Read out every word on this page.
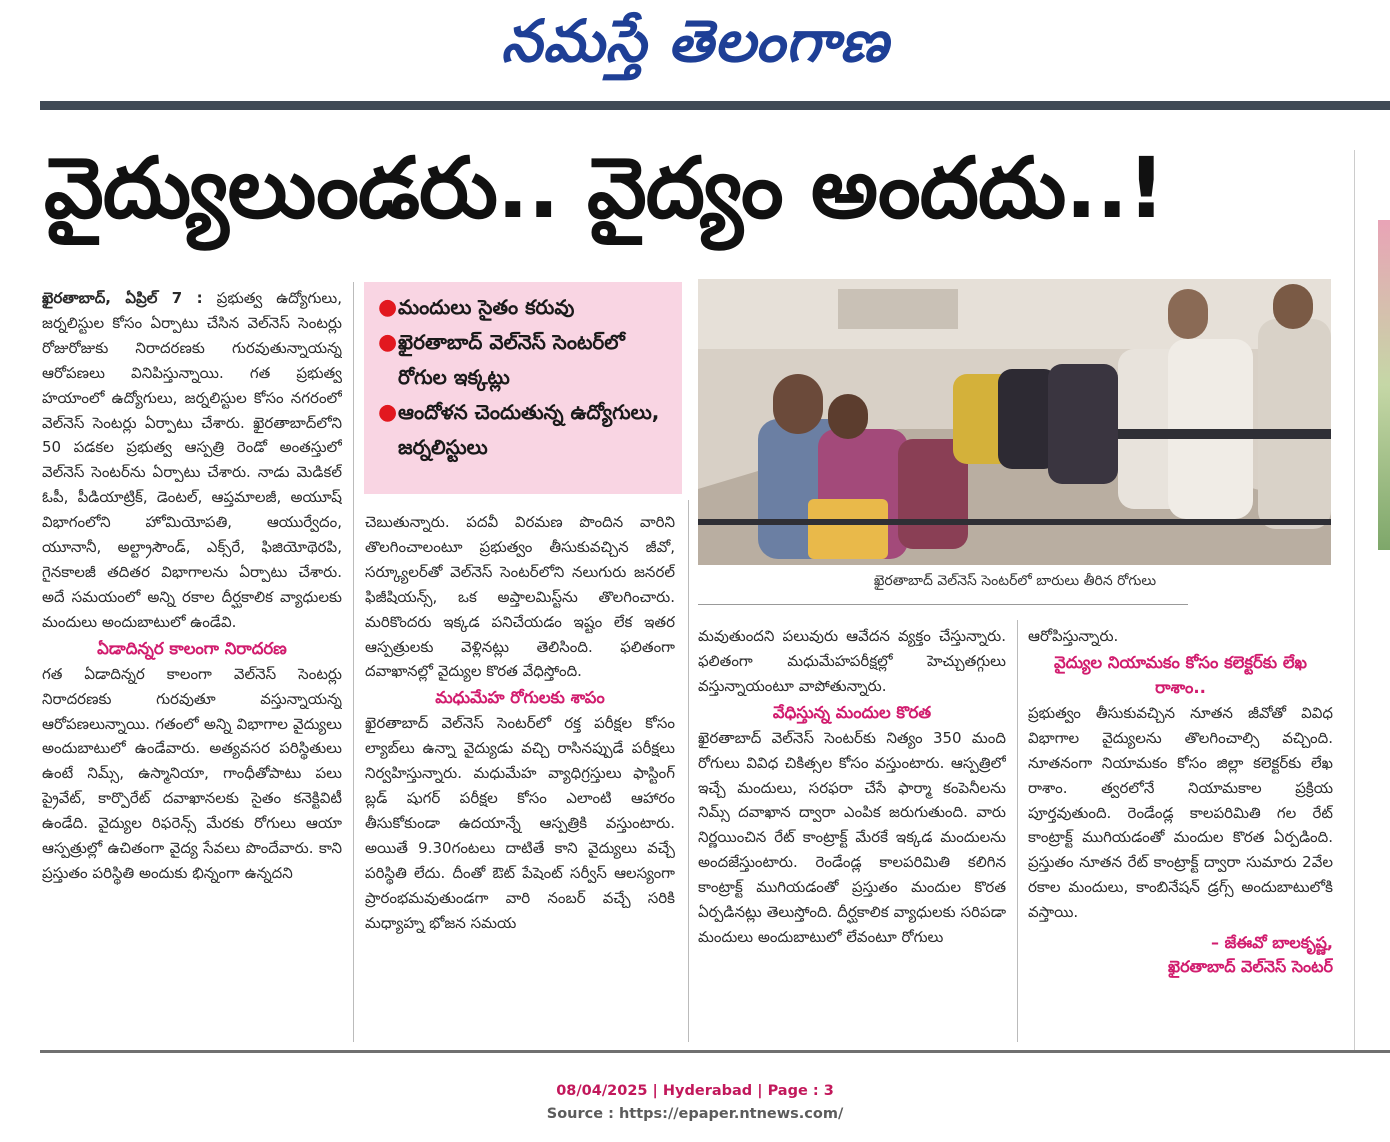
నమస్తే తెలంగాణ
వైద్యులుండరు.. వైద్యం అందదు..!

ఖైరతాబాద్, ఏప్రిల్ 7 : ప్రభుత్వ ఉద్యోగులు, జర్నలిస్టుల కోసం ఏర్పాటు చేసిన వెల్‌నెస్ సెంటర్లు రోజురోజుకు నిరాదరణకు గురవుతున్నాయన్న ఆరోపణలు వినిపిస్తున్నాయి. గత ప్రభుత్వ హయాంలో ఉద్యోగులు, జర్నలిస్టుల కోసం నగరంలో వెల్‌నెస్ సెంటర్లు ఏర్పాటు చేశారు. ఖైరతాబాద్‌లోని 50 పడకల ప్రభుత్వ ఆస్పత్రి రెండో అంతస్తులో వెల్‌నెస్ సెంటర్‌ను ఏర్పాటు చేశారు. నాడు మెడికల్ ఓపీ, పీడియాట్రిక్, డెంటల్, ఆప్తమాలజీ, అయూష్ విభాగంలోని హోమియోపతి, ఆయుర్వేదం, యూనానీ, అల్ట్రాసౌండ్, ఎక్స్‌రే, ఫిజియోథెరపి, గైనకాలజీ తదితర విభాగాలను ఏర్పాటు చేశారు. అదే సమయంలో అన్ని రకాల దీర్ఘకాలిక వ్యాధులకు మందులు అందుబాటులో ఉండేవి.

ఏడాదిన్నర కాలంగా నిరాదరణ

గత ఏడాదిన్నర కాలంగా వెల్‌నెస్ సెంటర్లు నిరాదరణకు గురవుతూ వస్తున్నాయన్న ఆరోపణలున్నాయి. గతంలో అన్ని విభాగాల వైద్యులు అందుబాటులో ఉండేవారు. అత్యవసర పరిస్థితులు ఉంటే నిమ్స్, ఉస్మానియా, గాంధీతోపాటు పలు ప్రైవేట్, కార్పొరేట్ దవాఖానలకు సైతం కనెక్టివిటీ ఉండేది. వైద్యుల రిఫరెన్స్ మేరకు రోగులు ఆయా ఆస్పత్రుల్లో ఉచితంగా వైద్య సేవలు పొందేవారు. కాని ప్రస్తుతం పరిస్థితి అందుకు భిన్నంగా ఉన్నదని

● మందులు సైతం కరువు
● ఖైరతాబాద్ వెల్‌నెస్ సెంటర్‌లో రోగుల ఇక్కట్లు
● ఆందోళన చెందుతున్న ఉద్యోగులు, జర్నలిస్టులు
ఖైరతాబాద్ వెల్‌నెస్ సెంటర్‌లో బారులు తీరిన రోగులు

చెబుతున్నారు. పదవీ విరమణ పొందిన వారిని తొలగించాలంటూ ప్రభుత్వం తీసుకువచ్చిన జీవో, సర్క్యూలర్‌తో వెల్‌నెస్ సెంటర్‌లోని నలుగురు జనరల్ ఫిజీషియన్స్, ఒక అప్తాలమిస్ట్‌ను తొలగించారు. మరికొందరు ఇక్కడ పనిచేయడం ఇష్టం లేక ఇతర ఆస్పత్రులకు వెళ్లినట్లు తెలిసింది. ఫలితంగా దవాఖానల్లో వైద్యుల కొరత వేధిస్తోంది.

మధుమేహ రోగులకు శాపం

ఖైరతాబాద్ వెల్‌నెస్ సెంటర్‌లో రక్త పరీక్షల కోసం ల్యాబ్‌లు ఉన్నా వైద్యుడు వచ్చి రాసినప్పుడే పరీక్షలు నిర్వహిస్తున్నారు. మధుమేహ వ్యాధిగ్రస్తులు ఫాస్టింగ్ బ్లడ్ షుగర్ పరీక్షల కోసం ఎలాంటి ఆహారం తీసుకోకుండా ఉదయాన్నే ఆస్పత్రికి వస్తుంటారు. అయితే 9.30గంటలు దాటితే కాని వైద్యులు వచ్చే పరిస్థితి లేదు. దీంతో ఔట్ పేషెంట్ సర్వీస్ ఆలస్యంగా ప్రారంభమవుతుండగా వారి నంబర్ వచ్చే సరికి మధ్యాహ్న భోజన సమయ

మవుతుందని పలువురు ఆవేదన వ్యక్తం చేస్తున్నారు. ఫలితంగా మధుమేహపరీక్షల్లో హెచ్చుతగ్గులు వస్తున్నాయంటూ వాపోతున్నారు.

వేధిస్తున్న మందుల కొరత

ఖైరతాబాద్ వెల్‌నెస్ సెంటర్‌కు నిత్యం 350 మంది రోగులు వివిధ చికిత్సల కోసం వస్తుంటారు. ఆస్పత్రిలో ఇచ్చే మందులు, సరఫరా చేసే ఫార్మా కంపెనీలను నిమ్స్ దవాఖాన ద్వారా ఎంపిక జరుగుతుంది. వారు నిర్ణయించిన రేట్ కాంట్రాక్ట్ మేరకే ఇక్కడ మందులను అందజేస్తుంటారు. రెండేండ్ల కాలపరిమితి కలిగిన కాంట్రాక్ట్ ముగియడంతో ప్రస్తుతం మందుల కొరత ఏర్పడినట్లు తెలుస్తోంది. దీర్ఘకాలిక వ్యాధులకు సరిపడా మందులు అందుబాటులో లేవంటూ రోగులు

ఆరోపిస్తున్నారు.

వైద్యుల నియామకం కోసం కలెక్టర్‌కు లేఖ రాశాం..

ప్రభుత్వం తీసుకువచ్చిన నూతన జీవోతో వివిధ విభాగాల వైద్యులను తొలగించాల్సి వచ్చింది. నూతనంగా నియామకం కోసం జిల్లా కలెక్టర్‌కు లేఖ రాశాం. త్వరలోనే నియామకాల ప్రక్రియ పూర్తవుతుంది. రెండేండ్ల కాలపరిమితి గల రేట్ కాంట్రాక్ట్ ముగియడంతో మందుల కొరత ఏర్పడింది. ప్రస్తుతం నూతన రేట్ కాంట్రాక్ట్ ద్వారా సుమారు 2వేల రకాల మందులు, కాంబినేషన్ డ్రగ్స్ అందుబాటులోకి వస్తాయి.

– జేఈవో బాలకృష్ణ,
ఖైరతాబాద్ వెల్‌నెస్ సెంటర్
08/04/2025 | Hyderabad | Page : 3
Source : https://epaper.ntnews.com/
